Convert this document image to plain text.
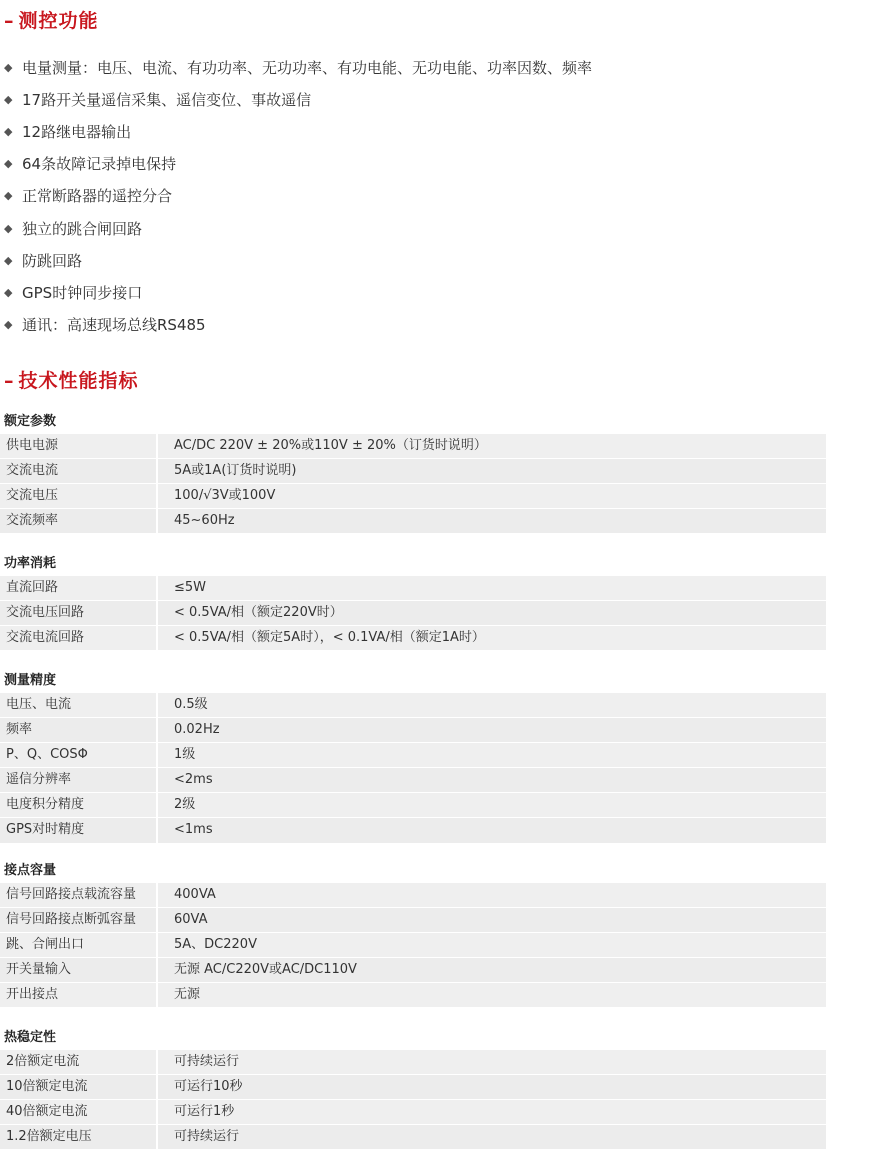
– 测控功能
◆ 电量测量：电压、电流、有功功率、无功功率、有功电能、无功电能、功率因数、频率
◆ 17路开关量遥信采集、遥信变位、事故遥信
◆ 12路继电器输出
◆ 64条故障记录掉电保持
◆ 正常断路器的遥控分合
◆ 独立的跳合闸回路
◆ 防跳回路
◆ GPS时钟同步接口
◆ 通讯：高速现场总线RS485
– 技术性能指标
额定参数
供电电源	AC/DC 220V ± 20%或110V ± 20%（订货时说明）
交流电流	5A或1A(订货时说明)
交流电压	100/√3V或100V
交流频率	45~60Hz
功率消耗
直流回路	≤5W
交流电压回路	< 0.5VA/相（额定220V时）
交流电流回路	< 0.5VA/相（额定5A时），< 0.1VA/相（额定1A时）
测量精度
电压、电流	0.5级
频率	0.02Hz
P、Q、COSΦ	1级
遥信分辨率	<2ms
电度积分精度	2级
GPS对时精度	<1ms
接点容量
信号回路接点载流容量	400VA
信号回路接点断弧容量	60VA
跳、合闸出口	5A、DC220V
开关量输入	无源 AC/C220V或AC/DC110V
开出接点	无源
热稳定性
2倍额定电流	可持续运行
10倍额定电流	可运行10秒
40倍额定电流	可运行1秒
1.2倍额定电压	可持续运行
